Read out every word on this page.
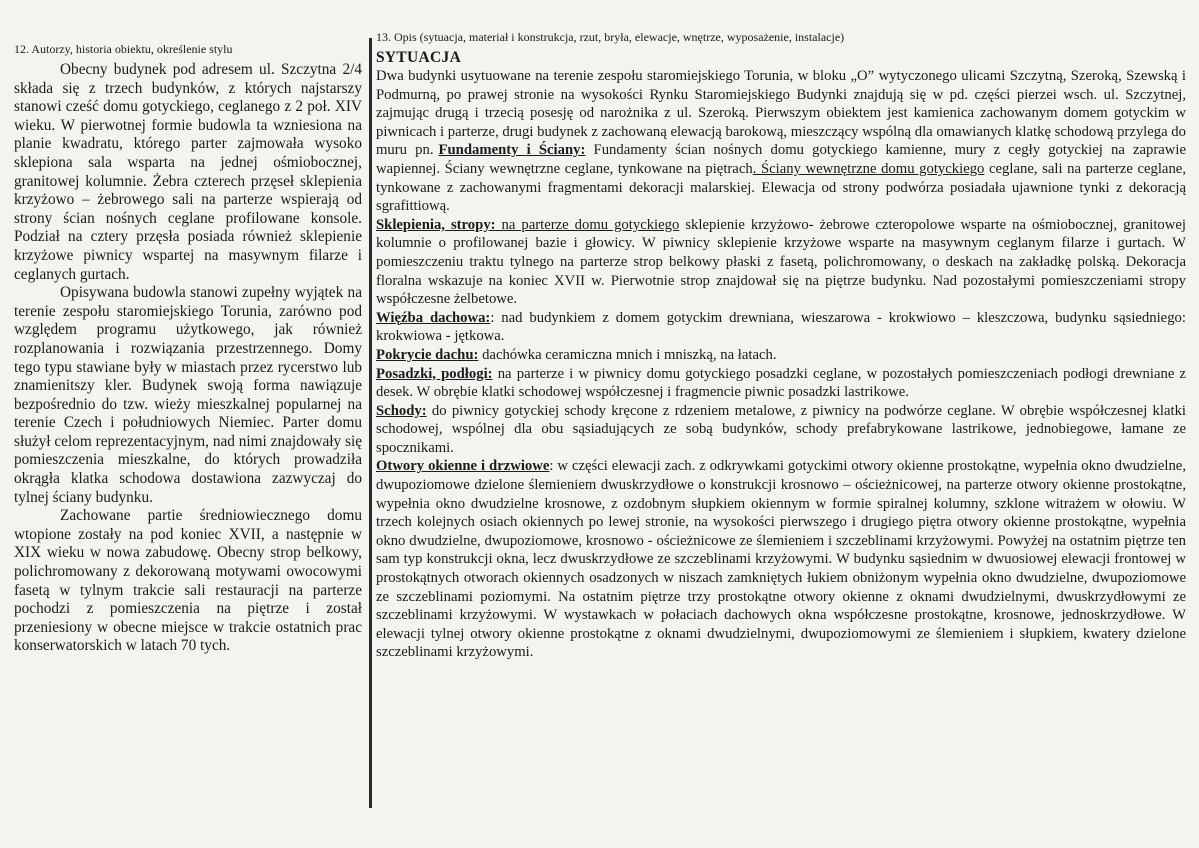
12. Autorzy, historia obiektu, określenie stylu

Obecny budynek pod adresem ul. Szczytna 2/4 składa się z trzech budynków, z których najstarszy stanowi cześć domu gotyckiego, ceglanego z 2 poł. XIV wieku. W pierwotnej formie budowla ta wzniesiona na planie kwadratu, którego parter zajmowała wysoko sklepiona sala wsparta na jednej ośmiobocznej, granitowej kolumnie. Żebra czterech przęseł sklepienia krzyżowo – żebrowego sali na parterze wspierają od strony ścian nośnych ceglane profilowane konsole. Podział na cztery przęsła posiada również sklepienie krzyżowe piwnicy wspartej na masywnym filarze i ceglanych gurtach.

Opisywana budowla stanowi zupełny wyjątek na terenie zespołu staromiejskiego Torunia, zarówno pod względem programu użytkowego, jak również rozplanowania i rozwiązania przestrzennego. Domy tego typu stawiane były w miastach przez rycerstwo lub znamienitszy kler. Budynek swoją forma nawiązuje bezpośrednio do tzw. wieży mieszkalnej popularnej na terenie Czech i południowych Niemiec. Parter domu służył celom reprezentacyjnym, nad nimi znajdowały się pomieszczenia mieszkalne, do których prowadziła okrągła klatka schodowa dostawiona zazwyczaj do tylnej ściany budynku.

Zachowane partie średniowiecznego domu wtopione zostały na pod koniec XVII, a następnie w XIX wieku w nowa zabudowę. Obecny strop belkowy, polichromowany z dekorowaną motywami owocowymi fasetą w tylnym trakcie sali restauracji na parterze pochodzi z pomieszczenia na piętrze i został przeniesiony w obecne miejsce w trakcie ostatnich prac konserwatorskich w latach 70 tych.

13. Opis (sytuacja, materiał i konstrukcja, rzut, bryła, elewacje, wnętrze, wyposażenie, instalacje)
SYTUACJA

Dwa budynki usytuowane na terenie zespołu staromiejskiego Torunia, w bloku „O” wytyczonego ulicami Szczytną, Szeroką, Szewską i Podmurną, po prawej stronie na wysokości Rynku Staromiejskiego Budynki znajdują się w pd. części pierzei wsch. ul. Szczytnej, zajmując drugą i trzecią posesję od narożnika z ul. Szeroką. Pierwszym obiektem jest kamienica zachowanym domem gotyckim w piwnicach i parterze, drugi budynek z zachowaną elewacją barokową, mieszczący wspólną dla omawianych klatkę schodową przylega do muru pn. Fundamenty i Ściany: Fundamenty ścian nośnych domu gotyckiego kamienne, mury z cegły gotyckiej na zaprawie wapiennej. Ściany wewnętrzne ceglane, tynkowane na piętrach. Ściany wewnętrzne domu gotyckiego ceglane, sali na parterze ceglane, tynkowane z zachowanymi fragmentami dekoracji malarskiej. Elewacja od strony podwórza posiadała ujawnione tynki z dekoracją sgrafittiową.

Sklepienia, stropy: na parterze domu gotyckiego sklepienie krzyżowo- żebrowe czteropolowe wsparte na ośmiobocznej, granitowej kolumnie o profilowanej bazie i głowicy. W piwnicy sklepienie krzyżowe wsparte na masywnym ceglanym filarze i gurtach. W pomieszczeniu traktu tylnego na parterze strop belkowy płaski z fasetą, polichromowany, o deskach na zakładkę polską. Dekoracja floralna wskazuje na koniec XVII w. Pierwotnie strop znajdował się na piętrze budynku. Nad pozostałymi pomieszczeniami stropy współczesne żelbetowe.

Więźba dachowa:: nad budynkiem z domem gotyckim drewniana, wieszarowa - krokwiowo – kleszczowa, budynku sąsiedniego: krokwiowa - jętkowa.

Pokrycie dachu: dachówka ceramiczna mnich i mniszką, na łatach.

Posadzki, podłogi: na parterze i w piwnicy domu gotyckiego posadzki ceglane, w pozostałych pomieszczeniach podłogi drewniane z desek. W obrębie klatki schodowej współczesnej i fragmencie piwnic posadzki lastrikowe.

Schody: do piwnicy gotyckiej schody kręcone z rdzeniem metalowe, z piwnicy na podwórze ceglane. W obrębie współczesnej klatki schodowej, wspólnej dla obu sąsiadujących ze sobą budynków, schody prefabrykowane lastrikowe, jednobiegowe, łamane ze spocznikami.

Otwory okienne i drzwiowe: w części elewacji zach. z odkrywkami gotyckimi otwory okienne prostokątne, wypełnia okno dwudzielne, dwupoziomowe dzielone ślemieniem dwuskrzydłowe o konstrukcji krosnowo – ościeżnicowej, na parterze otwory okienne prostokątne, wypełnia okno dwudzielne krosnowe, z ozdobnym słupkiem okiennym w formie spiralnej kolumny, szklone witrażem w ołowiu. W trzech kolejnych osiach okiennych po lewej stronie, na wysokości pierwszego i drugiego piętra otwory okienne prostokątne, wypełnia okno dwudzielne, dwupoziomowe, krosnowo - ościeżnicowe ze ślemieniem i szczeblinami krzyżowymi. Powyżej na ostatnim piętrze ten sam typ konstrukcji okna, lecz dwuskrzydłowe ze szczeblinami krzyżowymi. W budynku sąsiednim w dwuosiowej elewacji frontowej w prostokątnych otworach okiennych osadzonych w niszach zamkniętych łukiem obniżonym wypełnia okno dwudzielne, dwupoziomowe ze szczeblinami poziomymi. Na ostatnim piętrze trzy prostokątne otwory okienne z oknami dwudzielnymi, dwuskrzydłowymi ze szczeblinami krzyżowymi. W wystawkach w połaciach dachowych okna współczesne prostokątne, krosnowe, jednoskrzydłowe. W elewacji tylnej otwory okienne prostokątne z oknami dwudzielnymi, dwupoziomowymi ze ślemieniem i słupkiem, kwatery dzielone szczeblinami krzyżowymi.
